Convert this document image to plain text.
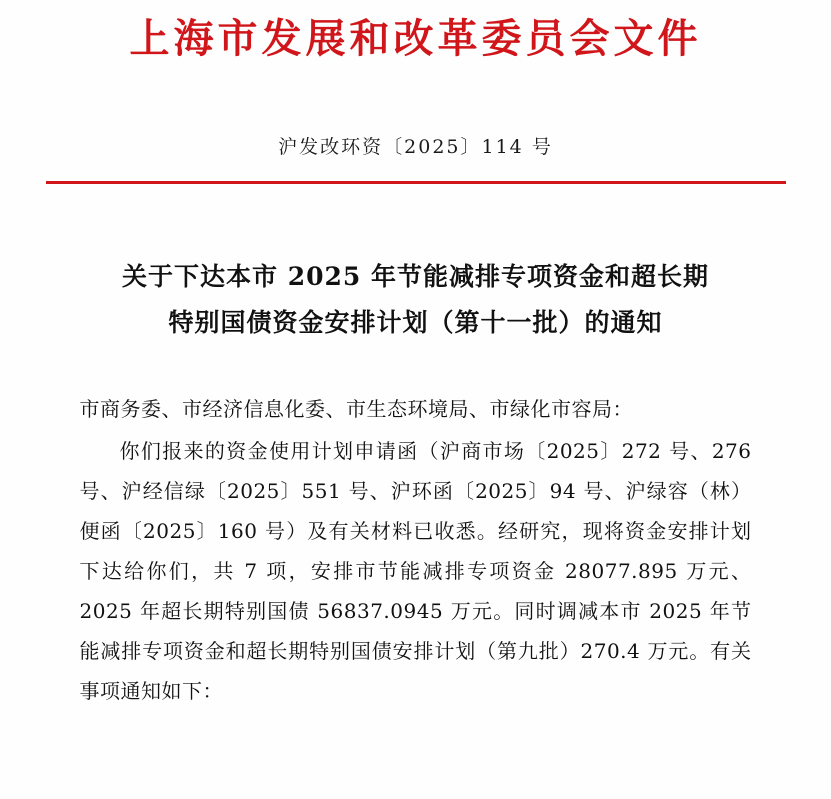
上海市发展和改革委员会文件
沪发改环资〔2025〕114 号
关于下达本市 2025 年节能减排专项资金和超长期
特别国债资金安排计划（第十一批）的通知

市商务委、市经济信息化委、市生态环境局、市绿化市容局：

你们报来的资金使用计划申请函（沪商市场〔2025〕272 号、276 号、沪经信绿〔2025〕551 号、沪环函〔2025〕94 号、沪绿容（林）便函〔2025〕160 号）及有关材料已收悉。经研究，现将资金安排计划下达给你们，共 7 项，安排市节能减排专项资金 28077.895 万元、2025 年超长期特别国债 56837.0945 万元。同时调减本市 2025 年节能减排专项资金和超长期特别国债安排计划（第九批）270.4 万元。有关事项通知如下：
